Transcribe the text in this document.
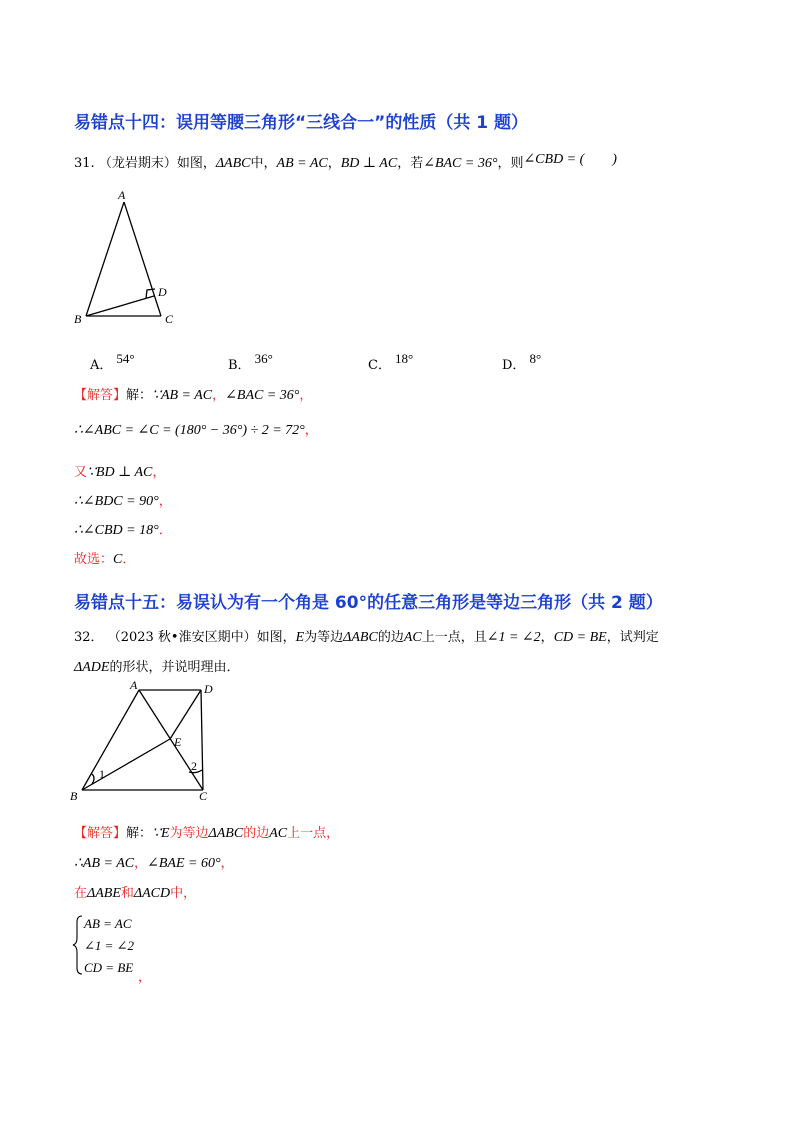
易错点十四：误用等腰三角形“三线合一”的性质（共 1 题）
31. （龙岩期末）如图，ΔABC中，AB = AC，BD ⊥ AC，若∠BAC = 36°，则∠CBD = (　　)
A
B	C
D
A． 54°	B． 36°	C． 18°	D． 8°
【解答】解：∵AB = AC，∠BAC = 36°，
∴∠ABC = ∠C = (180° − 36°) ÷ 2 = 72°，
又∵BD ⊥ AC，
∴∠BDC = 90°，
∴∠CBD = 18°．
故选：C．
易错点十五：易误认为有一个角是 60°的任意三角形是等边三角形（共 2 题）
32． （2023 秋•淮安区期中）如图，E为等边ΔABC的边AC上一点，且∠1 = ∠2，CD = BE，试判定
ΔADE的形状，并说明理由．
A	D
E
B	C
1
2
【解答】解：∵E为等边ΔABC的边AC上一点，
∴AB = AC，∠BAE = 60°，
在ΔABE和ΔACD中，
AB = AC
∠1 = ∠2
CD = BE
，
